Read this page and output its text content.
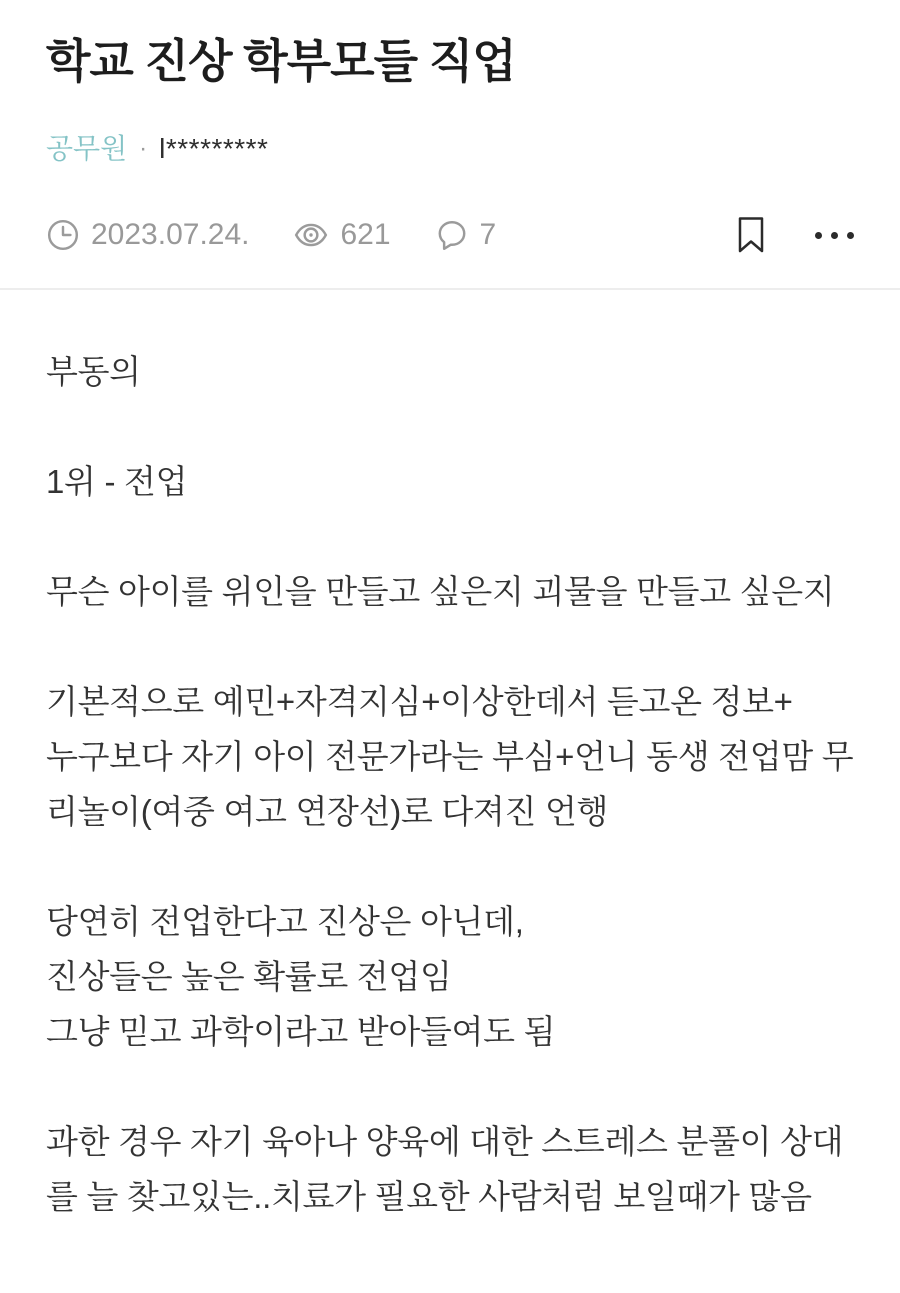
학교 진상 학부모들 직업
공무원 · l*********
2023.07.24.	621	7

부동의

1위 - 전업

무슨 아이를 위인을 만들고 싶은지 괴물을 만들고 싶은지

기본적으로 예민+자격지심+이상한데서 듣고온 정보+
누구보다 자기 아이 전문가라는 부심+언니 동생 전업맘 무
리놀이(여중 여고 연장선)로 다져진 언행

당연히 전업한다고 진상은 아닌데,
진상들은 높은 확률로 전업임
그냥 믿고 과학이라고 받아들여도 됨

과한 경우 자기 육아나 양육에 대한 스트레스 분풀이 상대
를 늘 찾고있는..치료가 필요한 사람처럼 보일때가 많음
